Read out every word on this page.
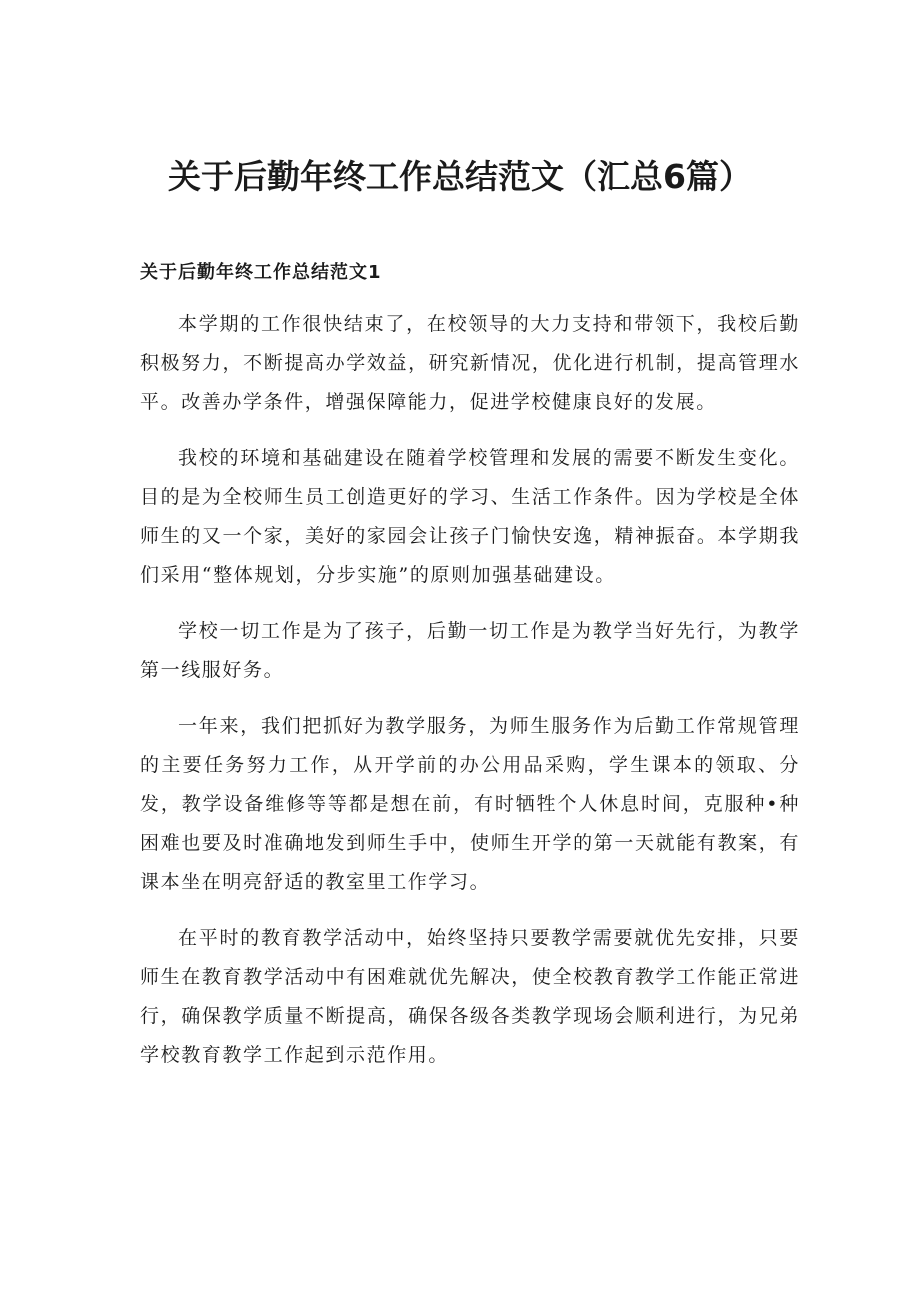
关于后勤年终工作总结范文（汇总6篇）
关于后勤年终工作总结范文1

本学期的工作很快结束了，在校领导的大力支持和带领下，我校后勤积极努力，不断提高办学效益，研究新情况，优化进行机制，提高管理水平。改善办学条件，增强保障能力，促进学校健康良好的发展。

我校的环境和基础建设在随着学校管理和发展的需要不断发生变化。目的是为全校师生员工创造更好的学习、生活工作条件。因为学校是全体师生的又一个家，美好的家园会让孩子门愉快安逸，精神振奋。本学期我们采用“整体规划，分步实施”的原则加强基础建设。

学校一切工作是为了孩子，后勤一切工作是为教学当好先行，为教学第一线服好务。

一年来，我们把抓好为教学服务，为师生服务作为后勤工作常规管理的主要任务努力工作，从开学前的办公用品采购，学生课本的领取、分发，教学设备维修等等都是想在前，有时牺牲个人休息时间，克服种•种困难也要及时准确地发到师生手中，使师生开学的第一天就能有教案，有课本坐在明亮舒适的教室里工作学习。

在平时的教育教学活动中，始终坚持只要教学需要就优先安排，只要师生在教育教学活动中有困难就优先解决，使全校教育教学工作能正常进行，确保教学质量不断提高，确保各级各类教学现场会顺利进行，为兄弟学校教育教学工作起到示范作用。
